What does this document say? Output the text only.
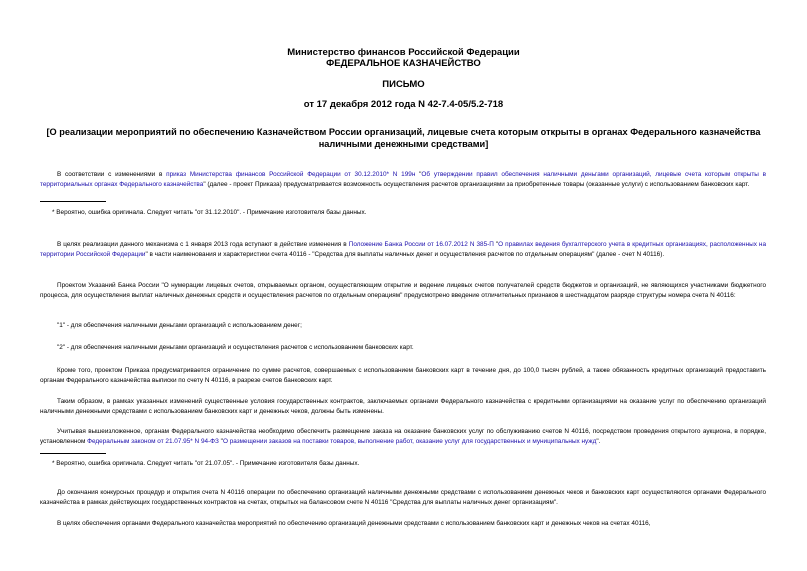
Министерство финансов Российской Федерации
ФЕДЕРАЛЬНОЕ КАЗНАЧЕЙСТВО
ПИСЬМО
от 17 декабря 2012 года N 42-7.4-05/5.2-718
[О реализации мероприятий по обеспечению Казначейством России организаций, лицевые счета которым открыты в органах Федерального казначейства наличными денежными средствами]

В соответствии с изменениями в приказ Министерства финансов Российской Федерации от 30.12.2010* N 199н "Об утверждении правил обеспечения наличными деньгами организаций, лицевые счета которым открыты в территориальных органах Федерального казначейства" (далее - проект Приказа) предусматривается возможность осуществления расчетов организациями за приобретенные товары (оказанные услуги) с использованием банковских карт.

* Вероятно, ошибка оригинала. Следует читать "от 31.12.2010". - Примечание изготовителя базы данных.

В целях реализации данного механизма с 1 января 2013 года вступают в действие изменения в Положение Банка России от 16.07.2012 N 385-П "О правилах ведения бухгалтерского учета в кредитных организациях, расположенных на территории Российской Федерации" в части наименования и характеристики счета 40116 - "Средства для выплаты наличных денег и осуществления расчетов по отдельным операциям" (далее - счет N 40116).

Проектом Указаний Банка России "О нумерации лицевых счетов, открываемых органом, осуществляющим открытие и ведение лицевых счетов получателей средств бюджетов и организаций, не являющихся участниками бюджетного процесса, для осуществления выплат наличных денежных средств и осуществления расчетов по отдельным операциям" предусмотрено введение отличительных признаков в шестнадцатом разряде структуры номера счета N 40116:

"1" - для обеспечения наличными деньгами организаций с использованием денег;

"2" - для обеспечения наличными деньгами организаций и осуществления расчетов с использованием банковских карт.

Кроме того, проектом Приказа предусматривается ограничение по сумме расчетов, совершаемых с использованием банковских карт в течение дня, до 100,0 тысяч рублей, а также обязанность кредитных организаций предоставить органам Федерального казначейства выписки по счету N 40116, в разрезе счетов банковских карт.

Таким образом, в рамках указанных изменений существенные условия государственных контрактов, заключаемых органами Федерального казначейства с кредитными организациями на оказание услуг по обеспечению организаций наличными денежными средствами с использованием банковских карт и денежных чеков, должны быть изменены.

Учитывая вышеизложенное, органам Федерального казначейства необходимо обеспечить размещение заказа на оказание банковских услуг по обслуживанию счетов N 40116, посредством проведения открытого аукциона, в порядке, установленном Федеральным законом от 21.07.95* N 94-ФЗ "О размещении заказов на поставки товаров, выполнение работ, оказание услуг для государственных и муниципальных нужд".

* Вероятно, ошибка оригинала. Следует читать "от 21.07.05". - Примечание изготовителя базы данных.

До окончания конкурсных процедур и открытия счета N 40116 операции по обеспечению организаций наличными денежными средствами с использованием денежных чеков и банковских карт осуществляются органами Федерального казначейства в рамках действующих государственных контрактов на счетах, открытых на балансовом счете N 40116 "Средства для выплаты наличных денег организациям".

В целях обеспечения органами Федерального казначейства мероприятий по обеспечению организаций денежными средствами с использованием банковских карт и денежных чеков на счетах 40116,
